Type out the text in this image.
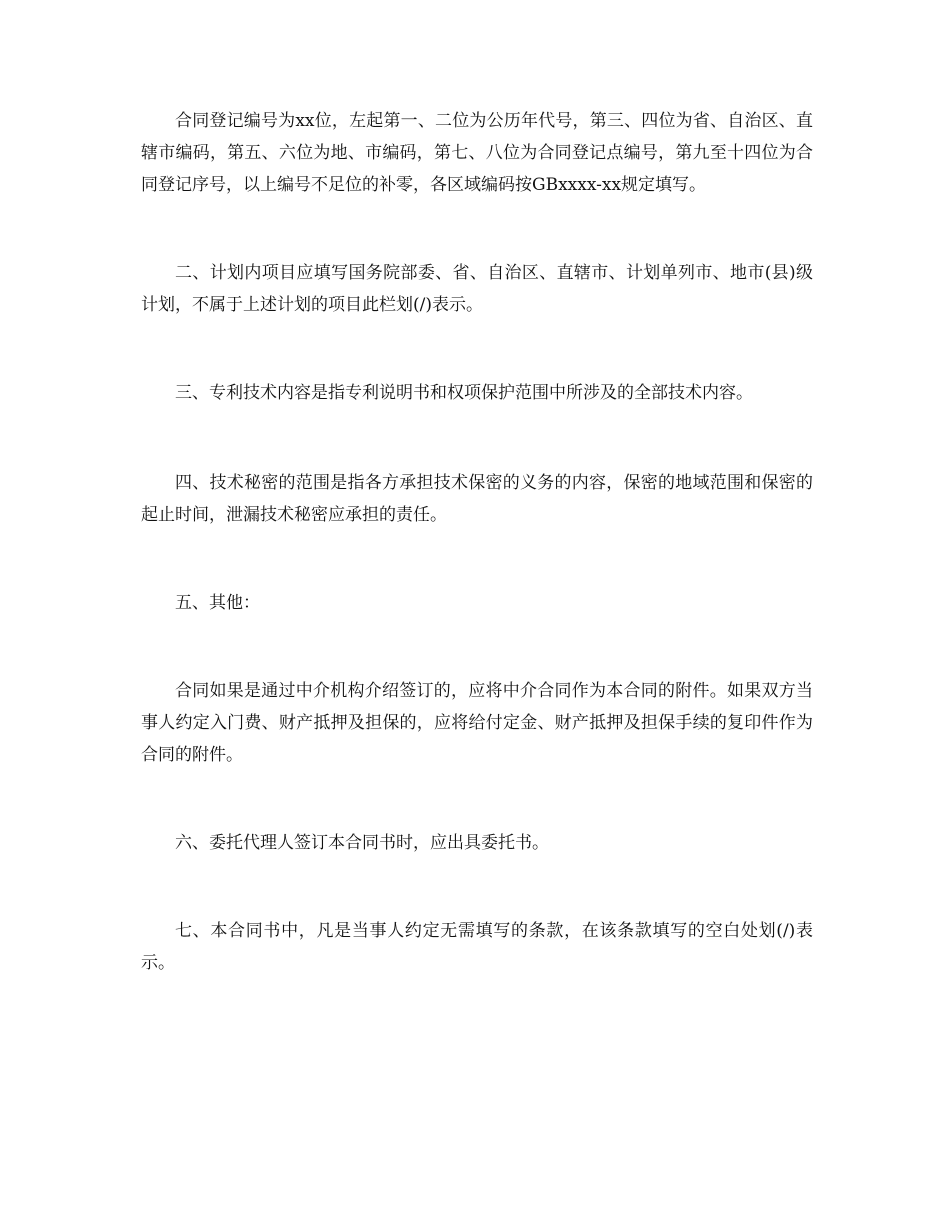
合同登记编号为xx位，左起第一、二位为公历年代号，第三、四位为省、自治区、直辖市编码，第五、六位为地、市编码，第七、八位为合同登记点编号，第九至十四位为合同登记序号，以上编号不足位的补零，各区域编码按GBxxxx-xx规定填写。

二、计划内项目应填写国务院部委、省、自治区、直辖市、计划单列市、地市(县)级计划，不属于上述计划的项目此栏划(/)表示。

三、专利技术内容是指专利说明书和权项保护范围中所涉及的全部技术内容。

四、技术秘密的范围是指各方承担技术保密的义务的内容，保密的地域范围和保密的起止时间，泄漏技术秘密应承担的责任。

五、其他：

合同如果是通过中介机构介绍签订的，应将中介合同作为本合同的附件。如果双方当事人约定入门费、财产抵押及担保的，应将给付定金、财产抵押及担保手续的复印件作为合同的附件。

六、委托代理人签订本合同书时，应出具委托书。

七、本合同书中，凡是当事人约定无需填写的条款，在该条款填写的空白处划(/)表示。
